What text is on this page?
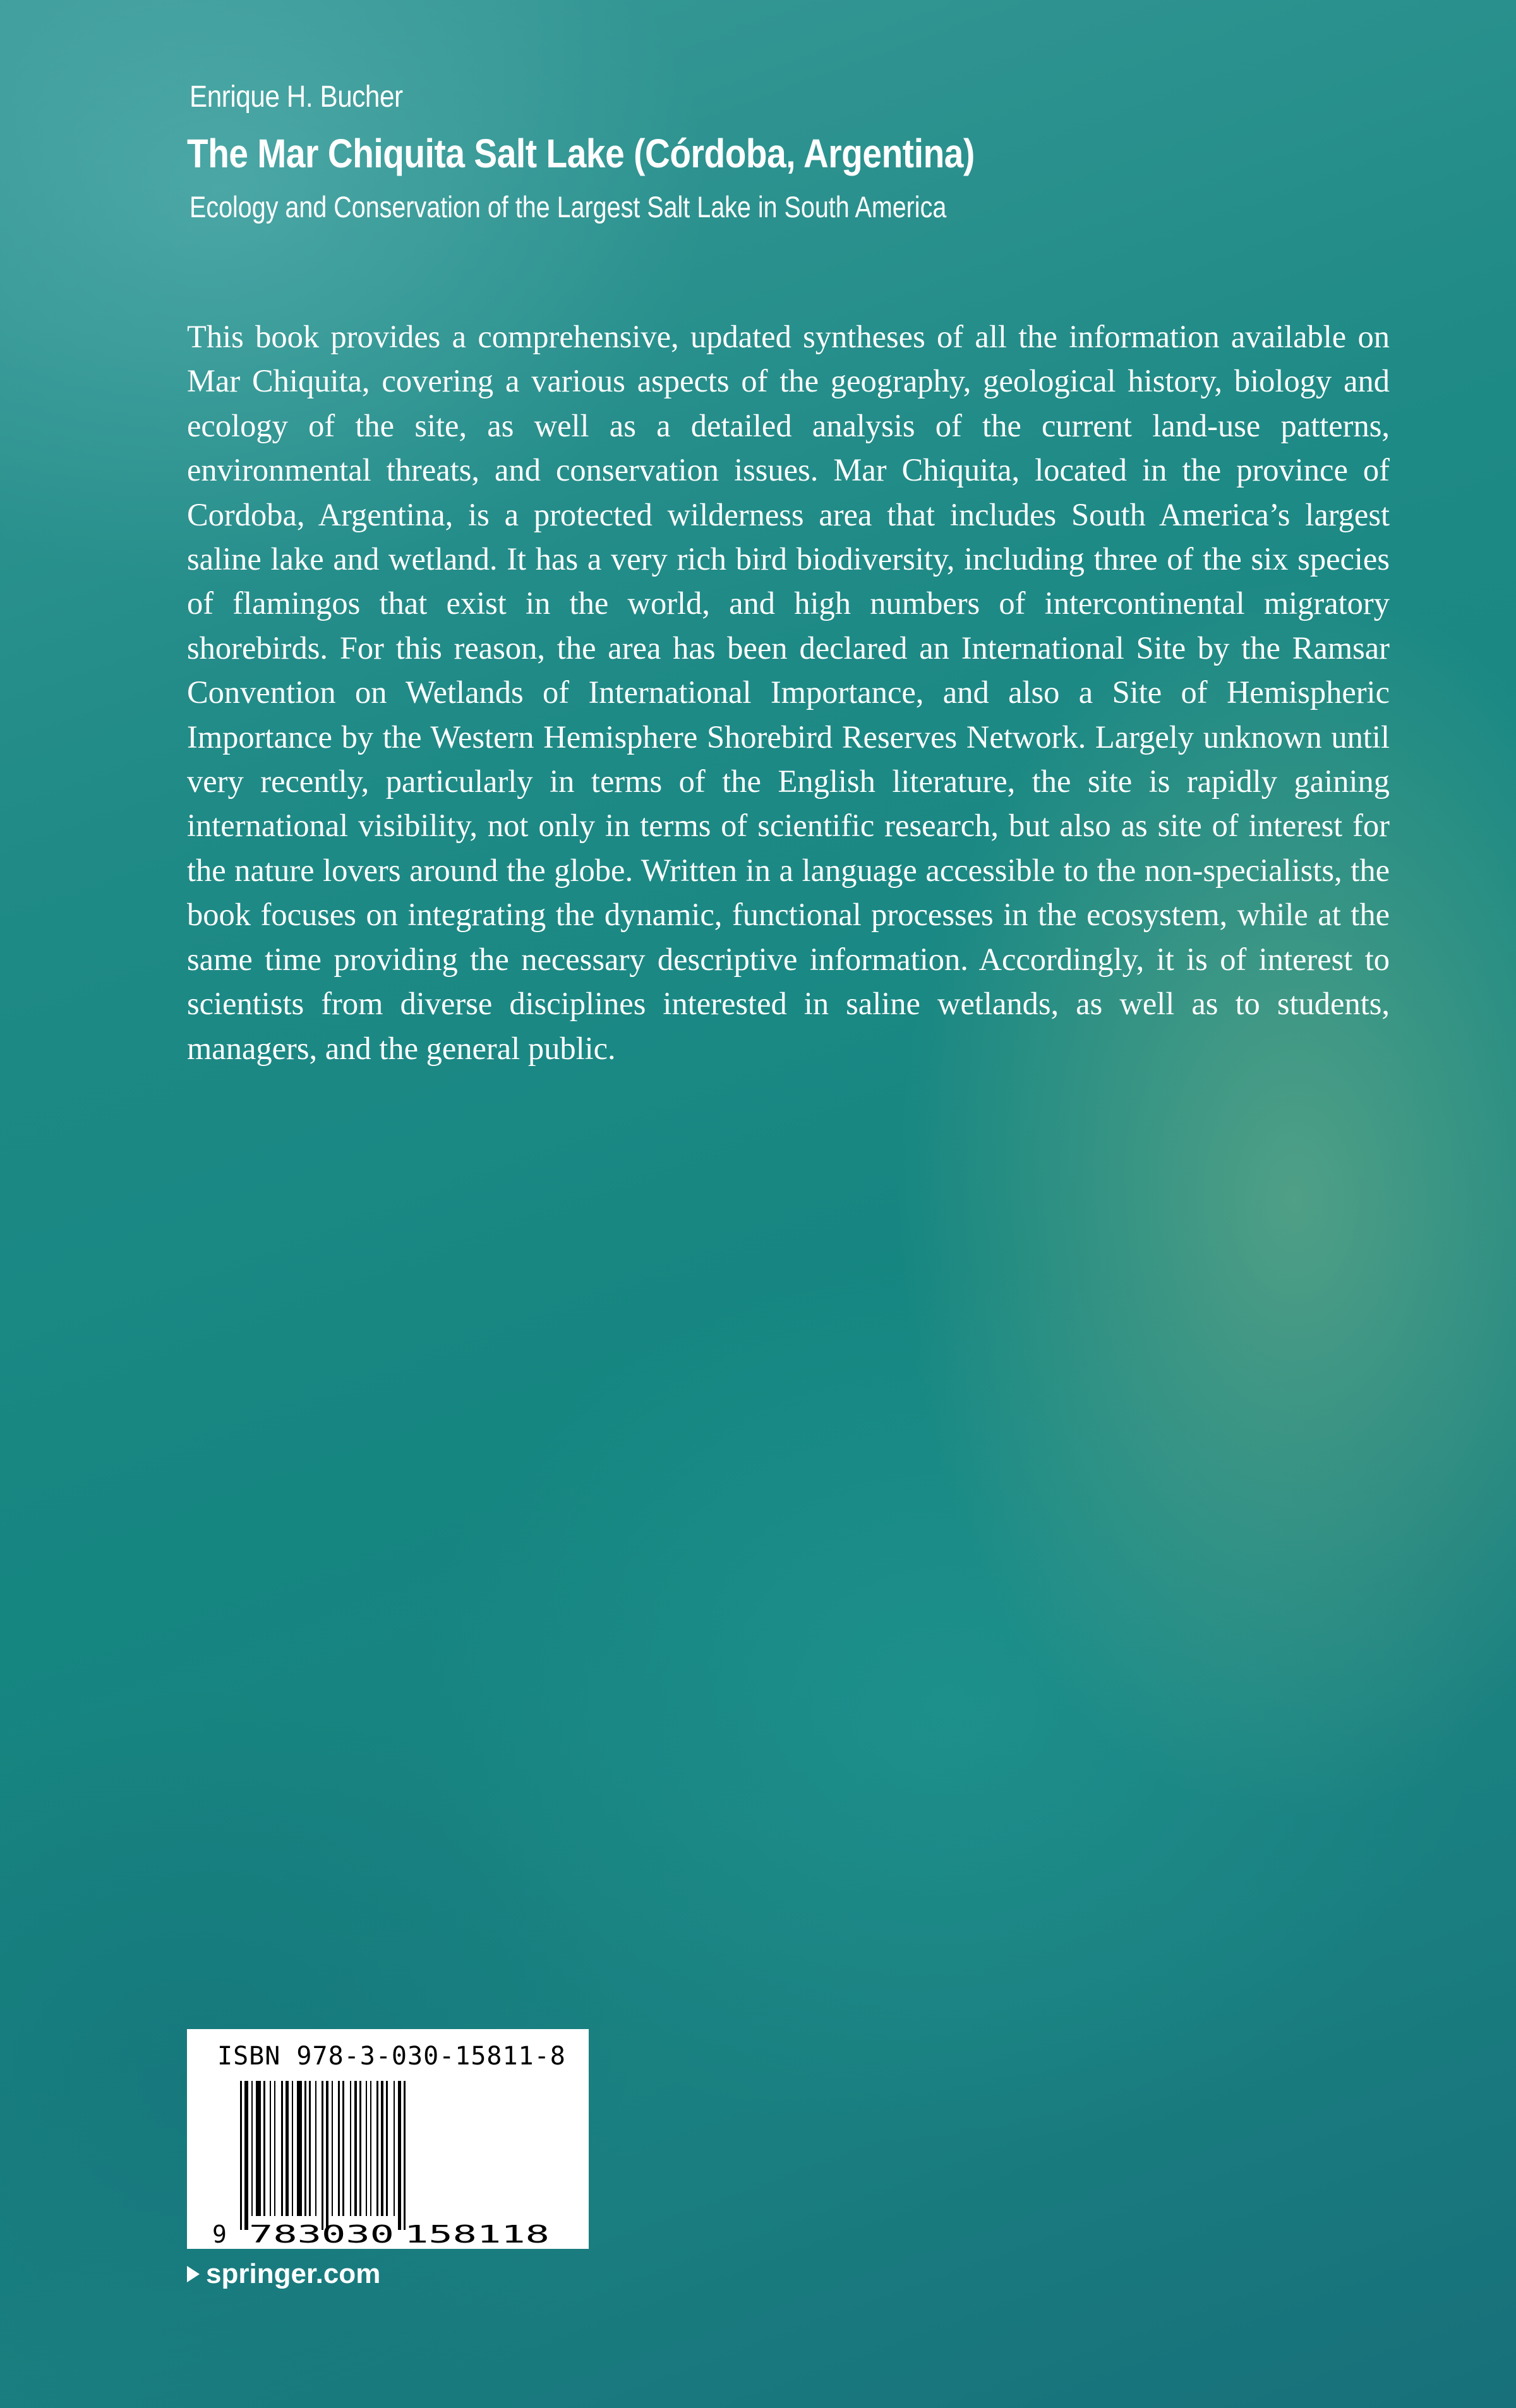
Enrique H. Bucher
The Mar Chiquita Salt Lake (Córdoba, Argentina)
Ecology and Conservation of the Largest Salt Lake in South America

This book provides a comprehensive, updated syntheses of all the information available on Mar Chiquita, covering a various aspects of the geography, geological history, biology and ecology of the site, as well as a detailed analysis of the current land-use patterns, environmental threats, and conservation issues. Mar Chiquita, located in the province of Cordoba, Argentina, is a protected wilderness area that includes South America’s largest saline lake and wetland. It has a very rich bird biodiversity, including three of the six species of flamingos that exist in the world, and high numbers of intercontinental migratory shorebirds. For this reason, the area has been declared an International Site by the Ramsar Convention on Wetlands of International Importance, and also a Site of Hemispheric Importance by the Western Hemisphere Shorebird Reserves Network. Largely unknown until very recently, particularly in terms of the English literature, the site is rapidly gaining international visibility, not only in terms of scientific research, but also as site of interest for the nature lovers around the globe. Written in a language accessible to the non-specialists, the book focuses on integrating the dynamic, functional processes in the ecosystem, while at the same time providing the necessary descriptive information. Accordingly, it is of interest to scientists from diverse disciplines interested in saline wetlands, as well as to students, managers, and the general public.

ISBN 978-3-030-15811-8
9 783030 158118
springer.com
